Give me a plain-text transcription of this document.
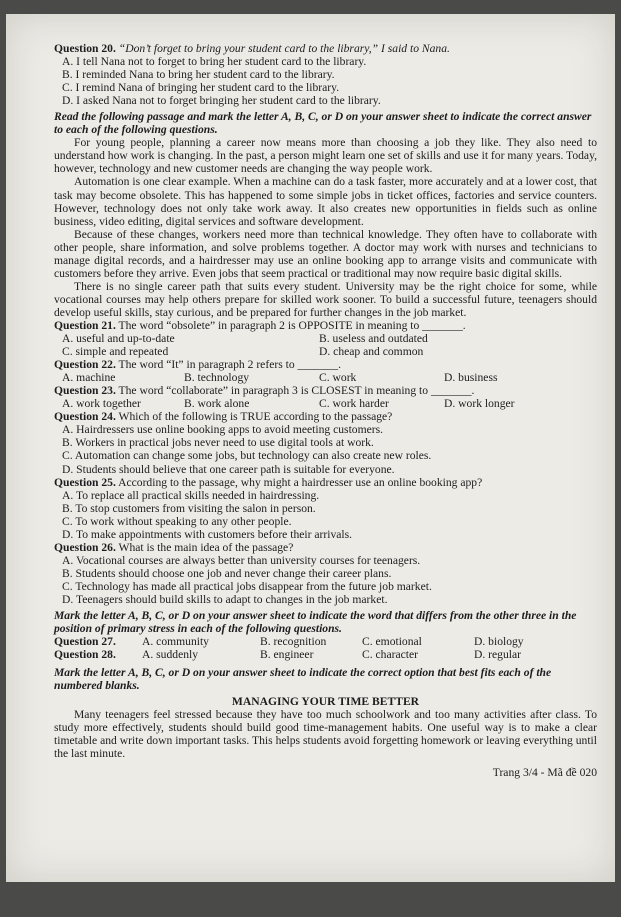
Question 20. “Don’t forget to bring your student card to the library,” I said to Nana.

A. I tell Nana not to forget to bring her student card to the library.

B. I reminded Nana to bring her student card to the library.

C. I remind Nana of bringing her student card to the library.

D. I asked Nana not to forget bringing her student card to the library.

Read the following passage and mark the letter A, B, C, or D on your answer sheet to indicate the correct answer to each of the following questions.

For young people, planning a career now means more than choosing a job they like. They also need to understand how work is changing. In the past, a person might learn one set of skills and use it for many years. Today, however, technology and new customer needs are changing the way people work.

Automation is one clear example. When a machine can do a task faster, more accurately and at a lower cost, that task may become obsolete. This has happened to some simple jobs in ticket offices, factories and service counters. However, technology does not only take work away. It also creates new opportunities in fields such as online business, video editing, digital services and software development.

Because of these changes, workers need more than technical knowledge. They often have to collaborate with other people, share information, and solve problems together. A doctor may work with nurses and technicians to manage digital records, and a hairdresser may use an online booking app to arrange visits and communicate with customers before they arrive. Even jobs that seem practical or traditional may now require basic digital skills.

There is no single career path that suits every student. University may be the right choice for some, while vocational courses may help others prepare for skilled work sooner. To build a successful future, teenagers should develop useful skills, stay curious, and be prepared for further changes in the job market.

Question 21. The word “obsolete” in paragraph 2 is OPPOSITE in meaning to _______.

A. useful and up-to-date	B. useless and outdated
C. simple and repeated	D. cheap and common

Question 22. The word “It” in paragraph 2 refers to _______.

A. machine	B. technology	C. work	D. business

Question 23. The word “collaborate” in paragraph 3 is CLOSEST in meaning to _______.

A. work together	B. work alone	C. work harder	D. work longer

Question 24. Which of the following is TRUE according to the passage?

A. Hairdressers use online booking apps to avoid meeting customers.

B. Workers in practical jobs never need to use digital tools at work.

C. Automation can change some jobs, but technology can also create new roles.

D. Students should believe that one career path is suitable for everyone.

Question 25. According to the passage, why might a hairdresser use an online booking app?

A. To replace all practical skills needed in hairdressing.

B. To stop customers from visiting the salon in person.

C. To work without speaking to any other people.

D. To make appointments with customers before their arrivals.

Question 26. What is the main idea of the passage?

A. Vocational courses are always better than university courses for teenagers.

B. Students should choose one job and never change their career plans.

C. Technology has made all practical jobs disappear from the future job market.

D. Teenagers should build skills to adapt to changes in the job market.

Mark the letter A, B, C, or D on your answer sheet to indicate the word that differs from the other three in the position of primary stress in each of the following questions.

Question 27.	A. community	B. recognition	C. emotional	D. biology
Question 28.	A. suddenly	B. engineer	C. character	D. regular

Mark the letter A, B, C, or D on your answer sheet to indicate the correct option that best fits each of the numbered blanks.

MANAGING YOUR TIME BETTER

Many teenagers feel stressed because they have too much schoolwork and too many activities after class. To study more effectively, students should build good time-management habits. One useful way is to make a clear timetable and write down important tasks. This helps students avoid forgetting homework or leaving everything until the last minute.

Trang 3/4 - Mã đề 020
